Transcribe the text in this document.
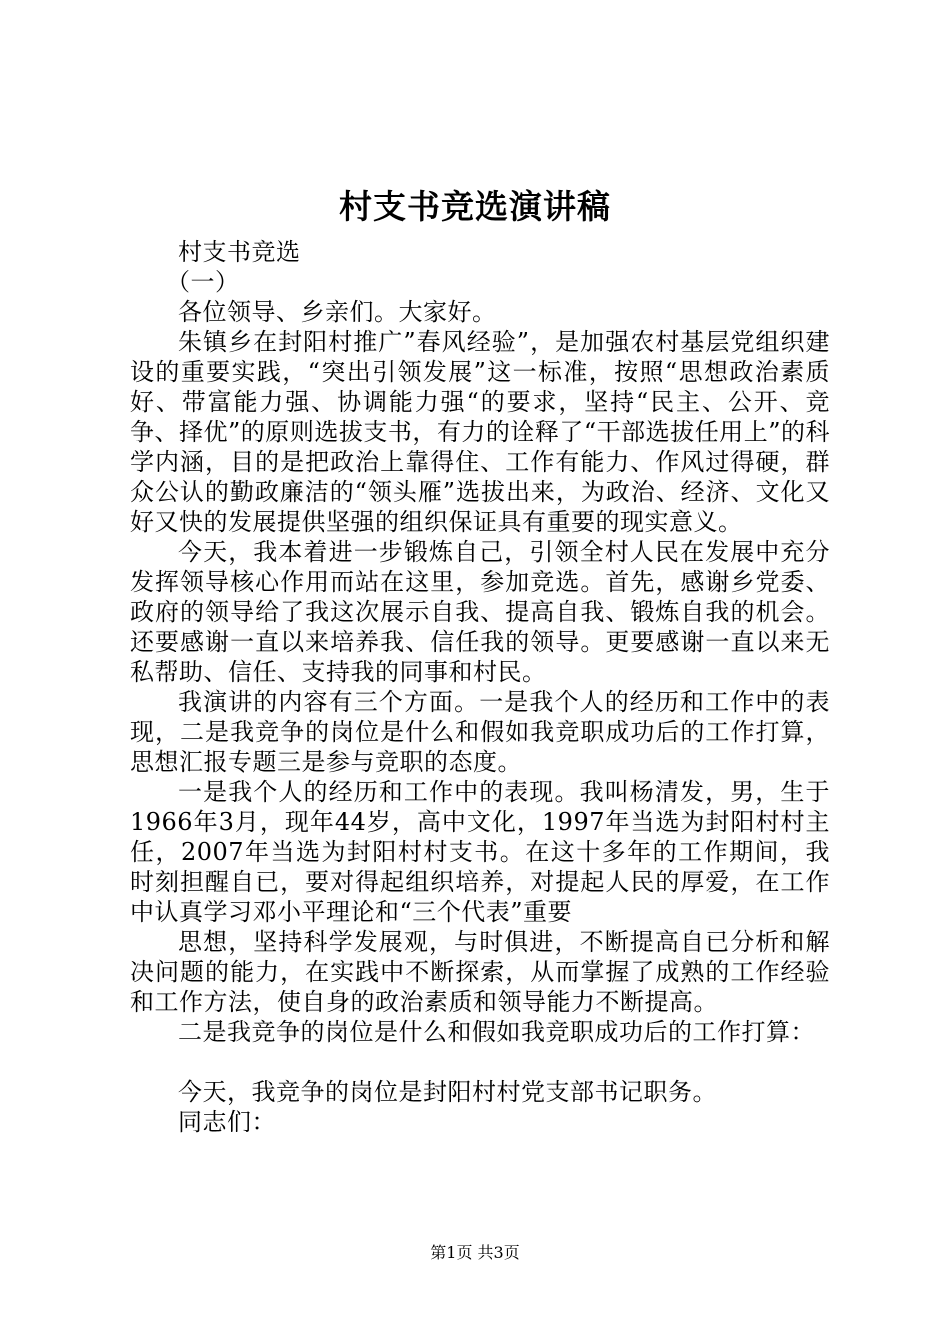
村支书竞选演讲稿

村支书竞选

（一）

各位领导、乡亲们。大家好。

朱镇乡在封阳村推广”春风经验”，是加强农村基层党组织建设的重要实践，“突出引领发展”这一标准，按照“思想政治素质好、带富能力强、协调能力强“的要求，坚持“民主、公开、竞争、择优”的原则选拔支书，有力的诠释了“干部选拔任用上”的科学内涵，目的是把政治上靠得住、工作有能力、作风过得硬，群众公认的勤政廉洁的“领头雁”选拔出来，为政治、经济、文化又好又快的发展提供坚强的组织保证具有重要的现实意义。

今天，我本着进一步锻炼自己，引领全村人民在发展中充分发挥领导核心作用而站在这里，参加竞选。首先，感谢乡党委、政府的领导给了我这次展示自我、提高自我、锻炼自我的机会。还要感谢一直以来培养我、信任我的领导。更要感谢一直以来无私帮助、信任、支持我的同事和村民。

我演讲的内容有三个方面。一是我个人的经历和工作中的表现，二是我竞争的岗位是什么和假如我竞职成功后的工作打算，思想汇报专题三是参与竞职的态度。

一是我个人的经历和工作中的表现。我叫杨清发，男，生于1966年3月，现年44岁，高中文化，1997年当选为封阳村村主任，2007年当选为封阳村村支书。在这十多年的工作期间，我时刻担醒自已，要对得起组织培养，对提起人民的厚爱，在工作中认真学习邓小平理论和“三个代表”重要

思想，坚持科学发展观，与时俱进，不断提高自已分析和解决问题的能力，在实践中不断探索，从而掌握了成熟的工作经验和工作方法，使自身的政治素质和领导能力不断提高。

二是我竞争的岗位是什么和假如我竞职成功后的工作打算：

今天，我竞争的岗位是封阳村村党支部书记职务。

同志们：

第1页 共3页
